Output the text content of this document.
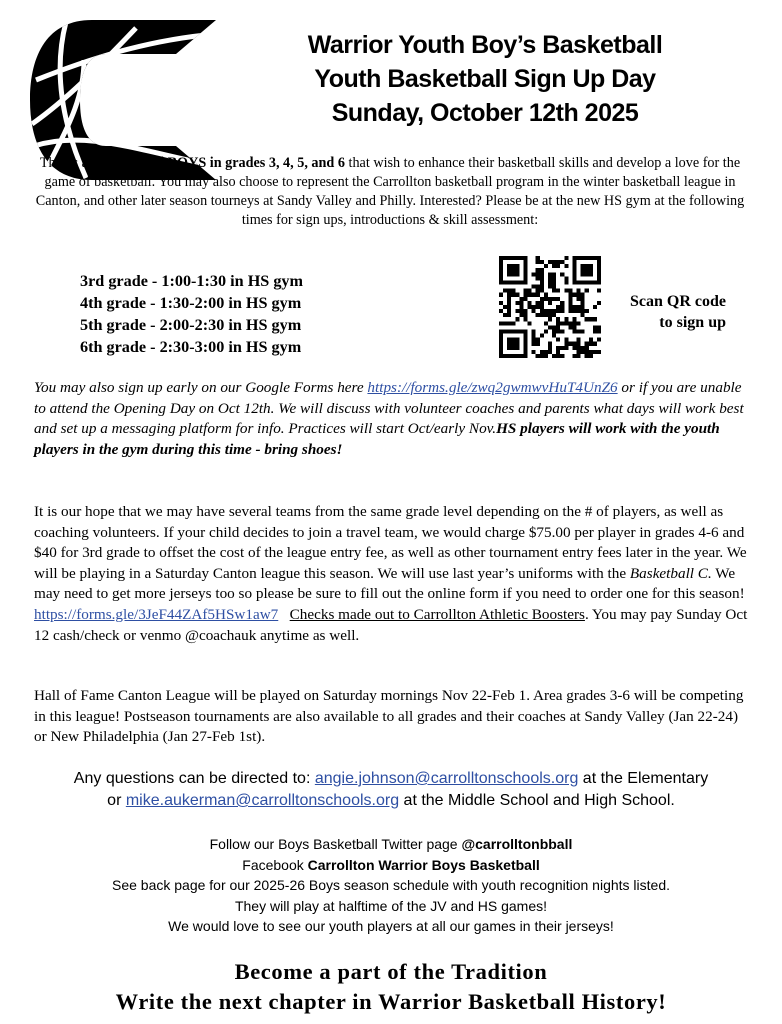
Warrior Youth Boy’s Basketball
Youth Basketball Sign Up Day
Sunday, October 12th 2025
This is an invite to all BOYS in grades 3, 4, 5, and 6 that wish to enhance their basketball skills and develop a love for the game of basketball. You may also choose to represent the Carrollton basketball program in the winter basketball league in Canton, and other later season tourneys at Sandy Valley and Philly. Interested? Please be at the new HS gym at the following times for sign ups, introductions & skill assessment:
3rd grade - 1:00-1:30 in HS gym
4th grade - 1:30-2:00 in HS gym
5th grade - 2:00-2:30 in HS gym
6th grade - 2:30-3:00 in HS gym
Scan QR code
to sign up
You may also sign up early on our Google Forms here https://forms.gle/zwq2gwmwvHuT4UnZ6 or if you are unable to attend the Opening Day on Oct 12th. We will discuss with volunteer coaches and parents what days will work best and set up a messaging platform for info. Practices will start Oct/early Nov.HS players will work with the youth players in the gym during this time - bring shoes!
It is our hope that we may have several teams from the same grade level depending on the # of players, as well as coaching volunteers. If your child decides to join a travel team, we would charge $75.00 per player in grades 4-6 and $40 for 3rd grade to offset the cost of the league entry fee, as well as other tournament entry fees later in the year. We will be playing in a Saturday Canton league this season. We will use last year’s uniforms with the Basketball C. We may need to get more jerseys too so please be sure to fill out the online form if you need to order one for this season! https://forms.gle/3JeF44ZAf5HSw1aw7 Checks made out to Carrollton Athletic Boosters. You may pay Sunday Oct 12 cash/check or venmo @coachauk anytime as well.
Hall of Fame Canton League will be played on Saturday mornings Nov 22-Feb 1. Area grades 3-6 will be competing in this league! Postseason tournaments are also available to all grades and their coaches at Sandy Valley (Jan 22-24) or New Philadelphia (Jan 27-Feb 1st).
Any questions can be directed to: angie.johnson@carrolltonschools.org at the Elementary
or mike.aukerman@carrolltonschools.org at the Middle School and High School.
Follow our Boys Basketball Twitter page @carrolltonbball
Facebook Carrollton Warrior Boys Basketball
See back page for our 2025-26 Boys season schedule with youth recognition nights listed.
They will play at halftime of the JV and HS games!
We would love to see our youth players at all our games in their jerseys!
Become a part of the Tradition
Write the next chapter in Warrior Basketball History!
